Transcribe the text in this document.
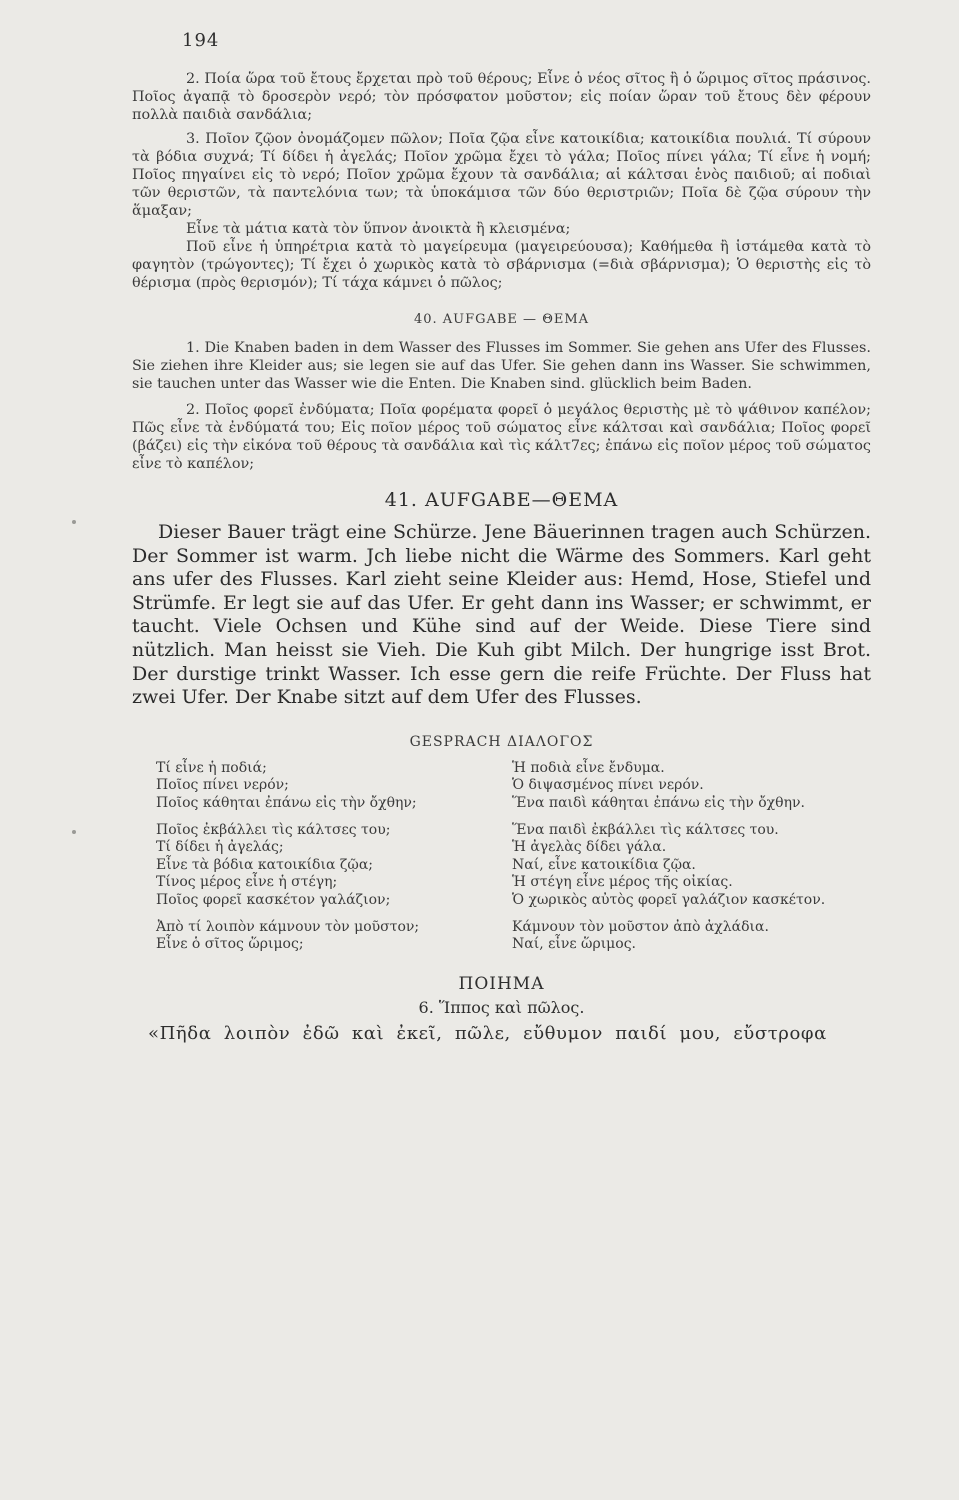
194

2. Ποία ὥρα τοῦ ἔτους ἔρχεται πρὸ τοῦ θέρους; Εἶνε ὁ νέος σῖτος ἢ ὁ ὥριμος σῖτος πράσινος. Ποῖος ἀγαπᾷ τὸ δροσερὸν νερό; τὸν πρόσφατον μοῦστον; εἰς ποίαν ὥραν τοῦ ἔτους δὲν φέρουν πολλὰ παιδιὰ σανδάλια;

3. Ποῖον ζῷον ὀνομάζομεν πῶλον; Ποῖα ζῷα εἶνε κατοικίδια; κατοικίδια πουλιά. Τί σύρουν τὰ βόδια συχνά; Τί δίδει ἡ ἀγελάς; Ποῖον χρῶμα ἔχει τὸ γάλα; Ποῖος πίνει γάλα; Τί εἶνε ἡ νομή; Ποῖος πηγαίνει εἰς τὸ νερό; Ποῖον χρῶμα ἔχουν τὰ σανδάλια; αἱ κάλτσαι ἑνὸς παιδιοῦ; αἱ ποδιαὶ τῶν θεριστῶν, τὰ παντελόνια των; τὰ ὑποκάμισα τῶν δύο θεριστριῶν; Ποῖα δὲ ζῷα σύρουν τὴν ἅμαξαν;

Εἶνε τὰ μάτια κατὰ τὸν ὕπνον ἀνοικτὰ ἢ κλεισμένα;

Ποῦ εἶνε ἡ ὑπηρέτρια κατὰ τὸ μαγείρευμα (μαγειρεύουσα); Καθήμεθα ἢ ἱστάμεθα κατὰ τὸ φαγητὸν (τρώγοντες); Τί ἔχει ὁ χωρικὸς κατὰ τὸ σβάρνισμα (=διὰ σβάρνισμα); Ὁ θεριστὴς εἰς τὸ θέρισμα (πρὸς θερισμόν); Τί τάχα κάμνει ὁ πῶλος;

40. AUFGABE — ΘΕΜΑ

1. Die Knaben baden in dem Wasser des Flusses im Sommer. Sie gehen ans Ufer des Flusses. Sie ziehen ihre Kleider aus; sie legen sie auf das Ufer. Sie gehen dann ins Wasser. Sie schwimmen, sie tauchen unter das Wasser wie die Enten. Die Knaben sind. glücklich beim Baden.

2. Ποῖος φορεῖ ἐνδύματα; Ποῖα φορέματα φορεῖ ὁ μεγάλος θεριστὴς μὲ τὸ ψάθινον καπέλον; Πῶς εἶνε τὰ ἐνδύματά του; Εἰς ποῖον μέρος τοῦ σώματος εἶνε κάλτσαι καὶ σανδάλια; Ποῖος φορεῖ (βάζει) εἰς τὴν εἰκόνα τοῦ θέρους τὰ σανδάλια καὶ τὶς κάλτ7ες; ἐπάνω εἰς ποῖον μέρος τοῦ σώματος εἶνε τὸ καπέλον;

41. AUFGABE—ΘΕΜΑ

Dieser Bauer trägt eine Schürze. Jene Bäuerinnen tragen auch Schürzen. Der Sommer ist warm. Jch liebe nicht die Wärme des Sommers. Karl geht ans ufer des Flusses. Karl zieht seine Kleider aus: Hemd, Hose, Stiefel und Strümfe. Er legt sie auf das Ufer. Er geht dann ins Wasser; er schwimmt, er taucht. Viele Ochsen und Kühe sind auf der Weide. Diese Tiere sind nützlich. Man heisst sie Vieh. Die Kuh gibt Milch. Der hungrige isst Brot. Der durstige trinkt Wasser. Ich esse gern die reife Früchte. Der Fluss hat zwei Ufer. Der Knabe sitzt auf dem Ufer des Flusses.

GESPRACH ΔΙΑΛΟΓΟΣ
Τί εἶνε ἡ ποδιά;	Ἡ ποδιὰ εἶνε ἔνδυμα.
Ποῖος πίνει νερόν;	Ὁ διψασμένος πίνει νερόν.
Ποῖος κάθηται ἐπάνω εἰς τὴν ὄχθην;	Ἕνα παιδὶ κάθηται ἐπάνω εἰς τὴν ὄχθην.
Ποῖος ἐκβάλλει τὶς κάλτσες του;	Ἕνα παιδὶ ἐκβάλλει τὶς κάλτσες του.
Τί δίδει ἡ ἀγελάς;	Ἡ ἀγελὰς δίδει γάλα.
Εἶνε τὰ βόδια κατοικίδια ζῷα;	Ναί, εἶνε κατοικίδια ζῷα.
Τίνος μέρος εἶνε ἡ στέγη;	Ἡ στέγη εἶνε μέρος τῆς οἰκίας.
Ποῖος φορεῖ κασκέτον γαλάζιον;	Ὁ χωρικὸς αὐτὸς φορεῖ γαλάζιον κασκέτον.
Ἀπὸ τί λοιπὸν κάμνουν τὸν μοῦστον;	Κάμνουν τὸν μοῦστον ἀπὸ ἀχλάδια.
Εἶνε ὁ σῖτος ὥριμος;	Ναί, εἶνε ὥριμος.
ΠΟΙΗΜΑ
6. Ἵππος καὶ πῶλος.
«Πῆδα λοιπὸν ἐδῶ καὶ ἐκεῖ, πῶλε, εὔθυμον παιδί μου, εὔστροφα
